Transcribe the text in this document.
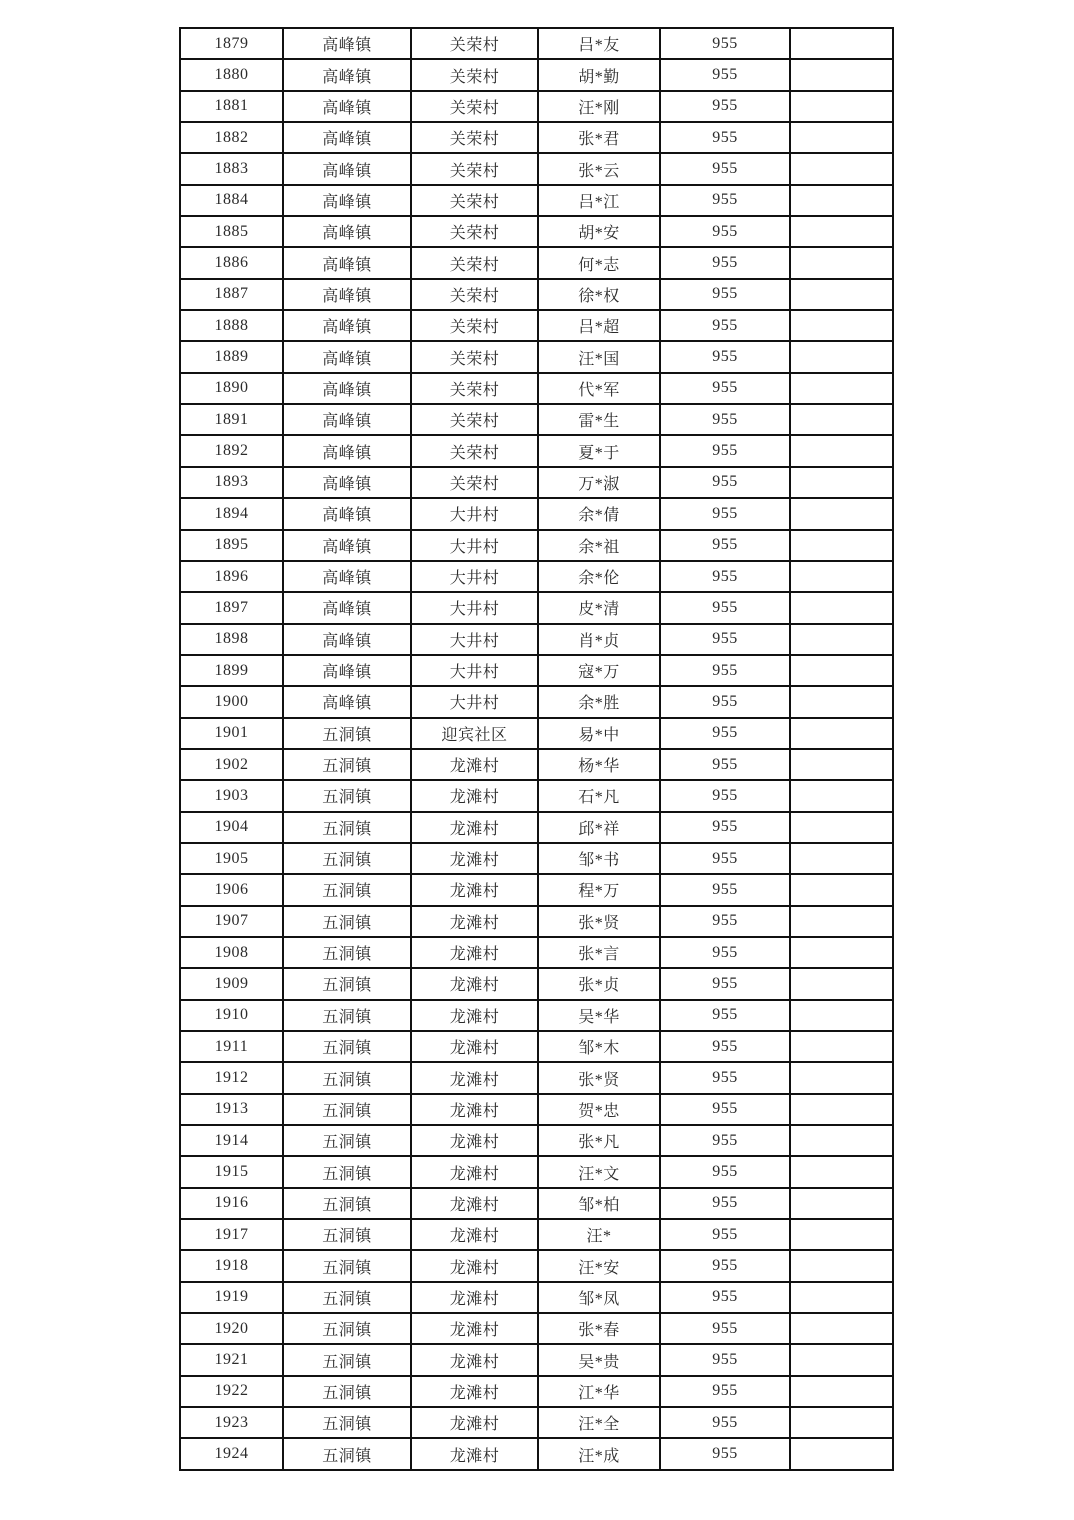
1879	高峰镇	关荣村	吕*友	955	
1880	高峰镇	关荣村	胡*勤	955	
1881	高峰镇	关荣村	汪*刚	955	
1882	高峰镇	关荣村	张*君	955	
1883	高峰镇	关荣村	张*云	955	
1884	高峰镇	关荣村	吕*江	955	
1885	高峰镇	关荣村	胡*安	955	
1886	高峰镇	关荣村	何*志	955	
1887	高峰镇	关荣村	徐*权	955	
1888	高峰镇	关荣村	吕*超	955	
1889	高峰镇	关荣村	汪*国	955	
1890	高峰镇	关荣村	代*军	955	
1891	高峰镇	关荣村	雷*生	955	
1892	高峰镇	关荣村	夏*于	955	
1893	高峰镇	关荣村	万*淑	955	
1894	高峰镇	大井村	余*倩	955	
1895	高峰镇	大井村	余*祖	955	
1896	高峰镇	大井村	余*伦	955	
1897	高峰镇	大井村	皮*清	955	
1898	高峰镇	大井村	肖*贞	955	
1899	高峰镇	大井村	寇*万	955	
1900	高峰镇	大井村	余*胜	955	
1901	五洞镇	迎宾社区	易*中	955	
1902	五洞镇	龙滩村	杨*华	955	
1903	五洞镇	龙滩村	石*凡	955	
1904	五洞镇	龙滩村	邱*祥	955	
1905	五洞镇	龙滩村	邹*书	955	
1906	五洞镇	龙滩村	程*万	955	
1907	五洞镇	龙滩村	张*贤	955	
1908	五洞镇	龙滩村	张*言	955	
1909	五洞镇	龙滩村	张*贞	955	
1910	五洞镇	龙滩村	吴*华	955	
1911	五洞镇	龙滩村	邹*木	955	
1912	五洞镇	龙滩村	张*贤	955	
1913	五洞镇	龙滩村	贺*忠	955	
1914	五洞镇	龙滩村	张*凡	955	
1915	五洞镇	龙滩村	汪*文	955	
1916	五洞镇	龙滩村	邹*柏	955	
1917	五洞镇	龙滩村	汪*	955	
1918	五洞镇	龙滩村	汪*安	955	
1919	五洞镇	龙滩村	邹*凤	955	
1920	五洞镇	龙滩村	张*春	955	
1921	五洞镇	龙滩村	吴*贵	955	
1922	五洞镇	龙滩村	江*华	955	
1923	五洞镇	龙滩村	汪*全	955	
1924	五洞镇	龙滩村	汪*成	955	
